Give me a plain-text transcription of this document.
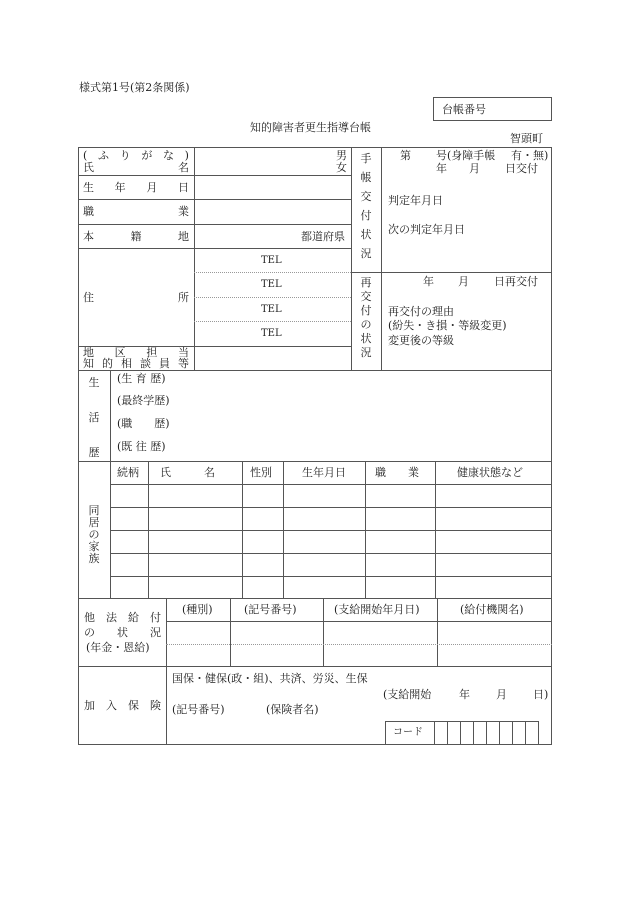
様式第1号(第2条関係)
台帳番号
知的障害者更生指導台帳
智頭町
( ふ り が な )
氏	名
男
女
生 年 月 日
職	業
本	籍	地	都道府県
住	所
TEL
TEL
TEL
TEL
地 区 担 当
知 的 相 談 員 等
手
帳
交
付
状
況
第 号(身障手帳 有・無)
年 月 日交付
判定年月日
次の判定年月日
再
交
付
の
状
況
年 月 日再交付
再交付の理由
(紛失・き損・等級変更)
変更後の等級
生
活
歴
(生 育 歴)
(最終学歴)
(職　　歴)
(既 往 歴)
同
居
の
家
族
続柄 氏　　　名	性別	生年月日	職　　業	健康状態など
他 法 給 付
の 状 況
(年金・恩給)
(種別)	(記号番号)	(支給開始年月日)	(給付機関名)
加 入 保 険
国保・健保(政・組)、共済、労災、生保
(支給開始	年 月 日)
(記号番号)	(保険者名)
コード
